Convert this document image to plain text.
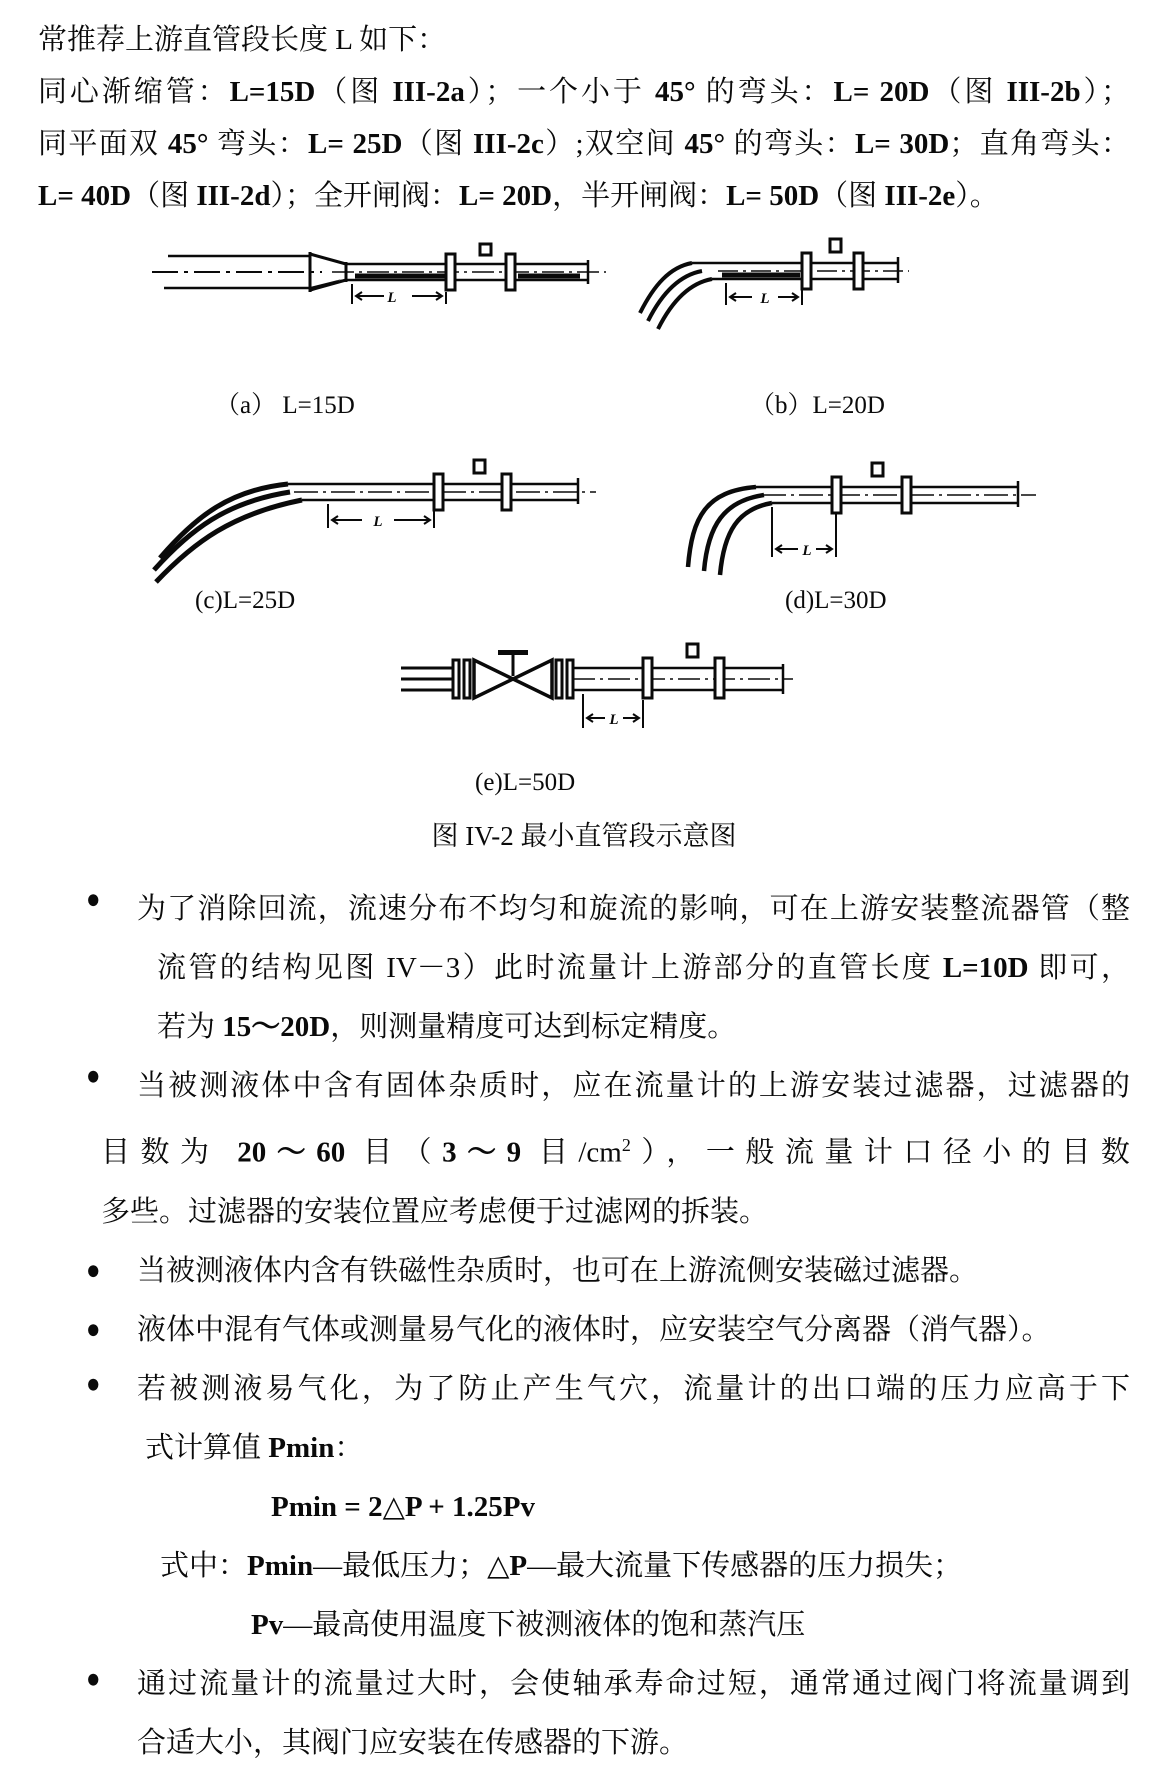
常推荐上游直管段长度 L 如下：
同心渐缩管：L=15D（图 III-2a）；一个小于 45° 的弯头：L= 20D（图 III-2b）；
同平面双 45° 弯头：L= 25D（图 III-2c）;双空间 45° 的弯头：L= 30D；直角弯头：
L= 40D（图 III-2d）；全开闸阀：L= 20D，半开闸阀：L= 50D（图 III-2e）。
L	L
L
L
L
（a） L=15D	（b）L=20D
(c)L=25D	(d)L=30D
(e)L=50D
图 IV-2 最小直管段示意图
●	为了消除回流，流速分布不均匀和旋流的影响，可在上游安装整流器管（整
流管的结构见图 IV－3）此时流量计上游部分的直管长度 L=10D 即可，
若为 15～20D，则测量精度可达到标定精度。
●	当被测液体中含有固体杂质时，应在流量计的上游安装过滤器，过滤器的
目数为 20～60 目（3～9 目$/cm^2$），一般流量计口径小的目数
多些。过滤器的安装位置应考虑便于过滤网的拆装。
●	当被测液体内含有铁磁性杂质时，也可在上游流侧安装磁过滤器。
●	液体中混有气体或测量易气化的液体时，应安装空气分离器（消气器）。
●	若被测液易气化，为了防止产生气穴，流量计的出口端的压力应高于下
式计算值 Pmin：
Pmin = 2△P + 1.25Pv
式中：Pmin—最低压力；△P—最大流量下传感器的压力损失；
Pv—最高使用温度下被测液体的饱和蒸汽压
●	通过流量计的流量过大时，会使轴承寿命过短，通常通过阀门将流量调到
合适大小，其阀门应安装在传感器的下游。
